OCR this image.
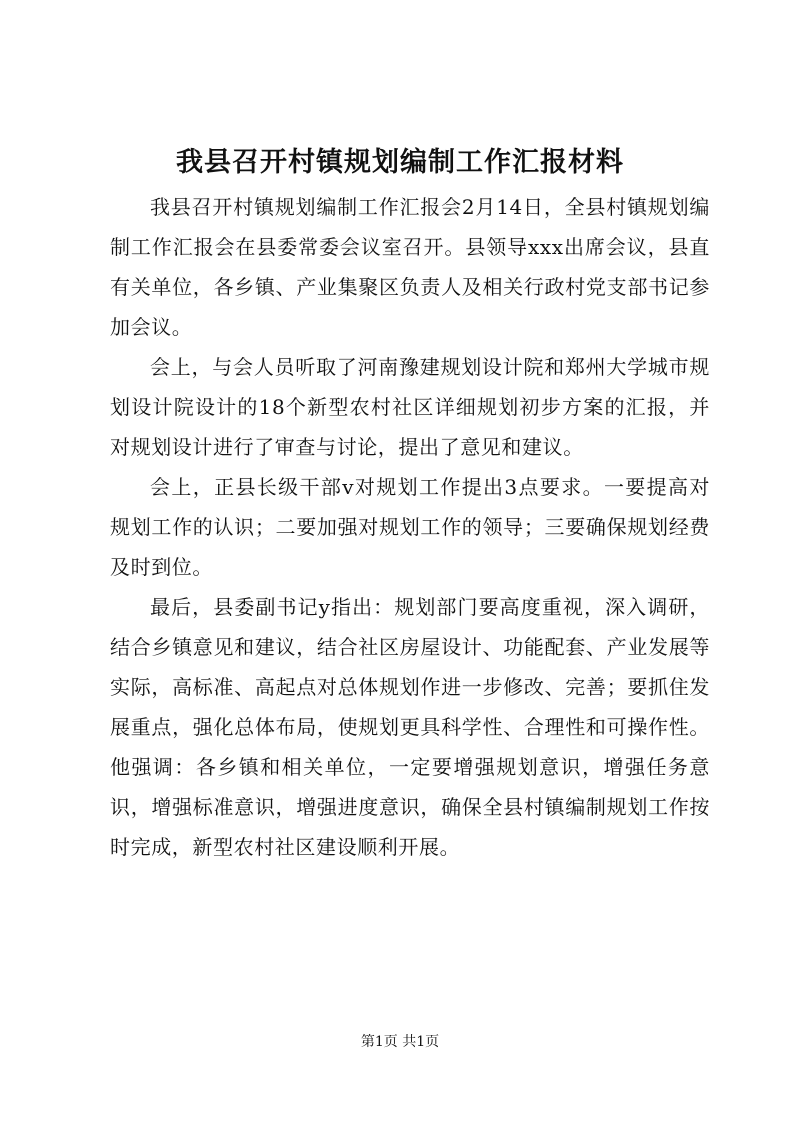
我县召开村镇规划编制工作汇报材料

我县召开村镇规划编制工作汇报会2月14日，全县村镇规划编制工作汇报会在县委常委会议室召开。县领导xxx出席会议，县直有关单位，各乡镇、产业集聚区负责人及相关行政村党支部书记参加会议。

会上，与会人员听取了河南豫建规划设计院和郑州大学城市规划设计院设计的18个新型农村社区详细规划初步方案的汇报，并对规划设计进行了审查与讨论，提出了意见和建议。

会上，正县长级干部v对规划工作提出3点要求。一要提高对规划工作的认识；二要加强对规划工作的领导；三要确保规划经费及时到位。

最后，县委副书记y指出：规划部门要高度重视，深入调研，结合乡镇意见和建议，结合社区房屋设计、功能配套、产业发展等实际，高标准、高起点对总体规划作进一步修改、完善；要抓住发展重点，强化总体布局，使规划更具科学性、合理性和可操作性。他强调：各乡镇和相关单位，一定要增强规划意识，增强任务意识，增强标准意识，增强进度意识，确保全县村镇编制规划工作按时完成，新型农村社区建设顺利开展。

第1页 共1页
